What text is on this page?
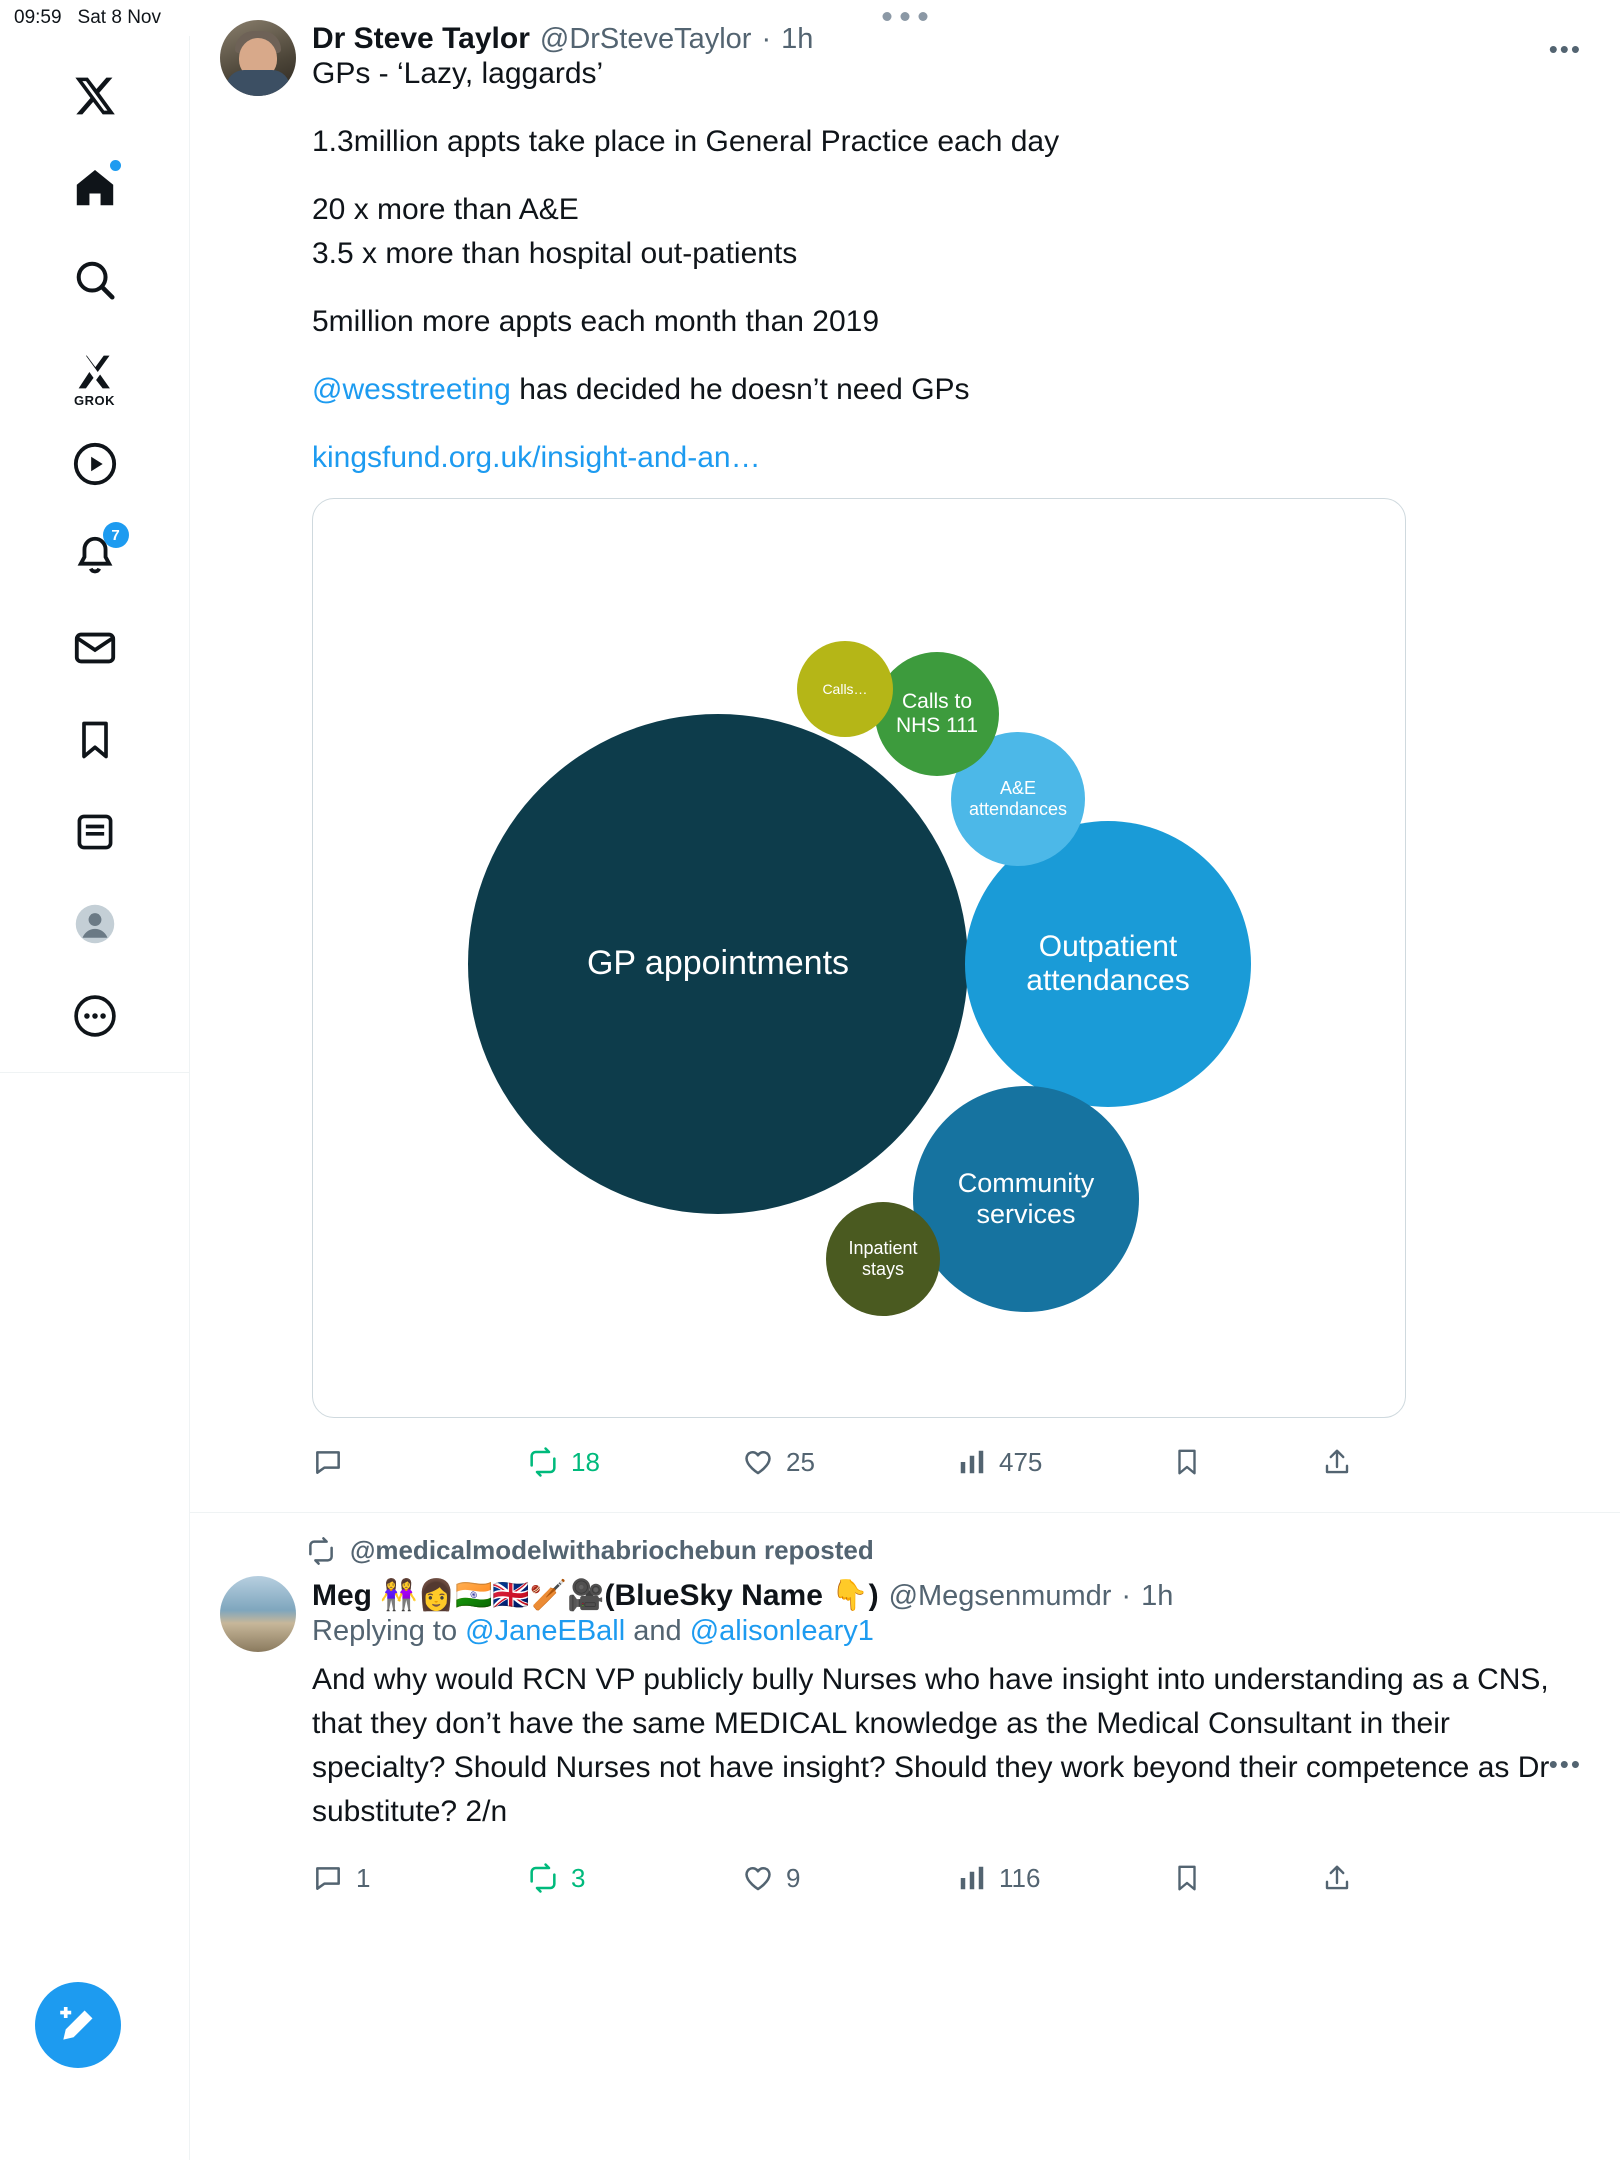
09:59 Sat 8 Nov
GROK
7
•••
Dr Steve Taylor @DrSteveTaylor · 1h
GPs - ‘Lazy, laggards’
1.3million appts take place in General Practice each day
20 x more than A&E
3.5 x more than hospital out-patients
5million more appts each month than 2019
@wesstreeting has decided he doesn’t need GPs
kingsfund.org.uk/insight-and-an…
GP appointments	Outpatient attendances
Community services
A&E attendances
Calls to NHS 111
Calls…
Inpatient stays
18	25	475
@medicalmodelwithabriochebun reposted
•••
Meg 👭👩🇮🇳🇬🇧🏏🎥(BlueSky Name 👇) @Megsenmumdr · 1h
Replying to @JaneEBall and @alisonleary1
And why would RCN VP publicly bully Nurses who have insight into understanding as a CNS, that they don’t have the same MEDICAL knowledge as the Medical Consultant in their specialty? Should Nurses not have insight? Should they work beyond their competence as Dr substitute? 2/n
1	3	9	116
